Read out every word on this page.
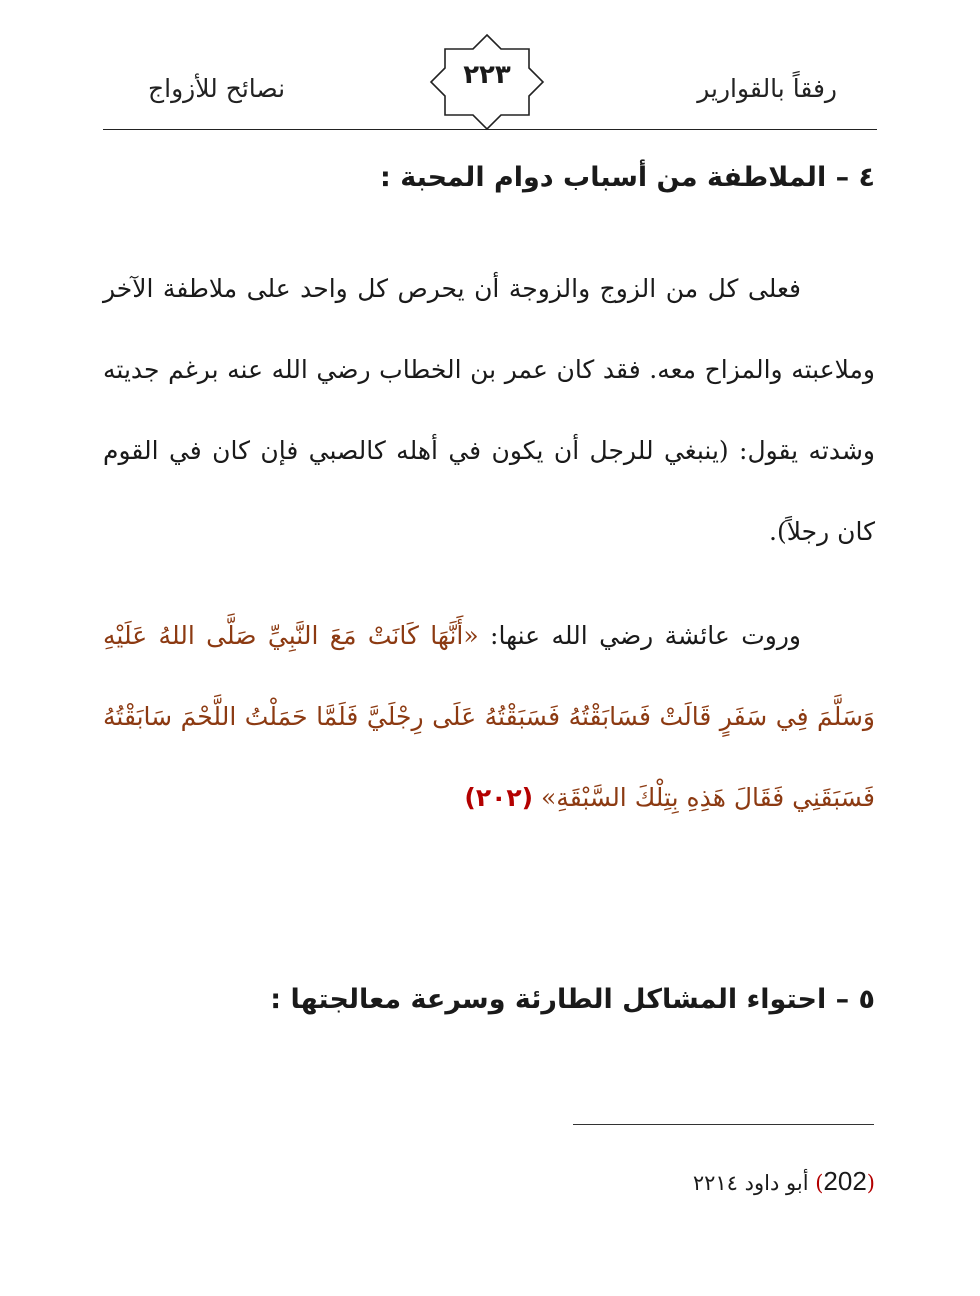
رفقاً بالقوارير
٢٢٣
نصائح للأزواج
٤ – الملاطفة من أسباب دوام المحبة :
فعلى كل من الزوج والزوجة أن يحرص كل واحد على ملاطفة الآخر وملاعبته والمزاح معه. فقد كان عمر بن الخطاب رضي الله عنه برغم جديته وشدته يقول: (ينبغي للرجل أن يكون في أهله كالصبي فإن كان في القوم كان رجلاً).
وروت عائشة رضي الله عنها: «أَنَّهَا كَانَتْ مَعَ النَّبِيِّ صَلَّى اللهُ عَلَيْهِ وَسَلَّمَ فِي سَفَرٍ قَالَتْ فَسَابَقْتُهُ فَسَبَقْتُهُ عَلَى رِجْلَيَّ فَلَمَّا حَمَلْتُ اللَّحْمَ سَابَقْتُهُ فَسَبَقَنِي فَقَالَ هَذِهِ بِتِلْكَ السَّبْقَةِ» (٢٠٢)
٥ – احتواء المشاكل الطارئة وسرعة معالجتها :
(202) أبو داود ٢٢١٤
